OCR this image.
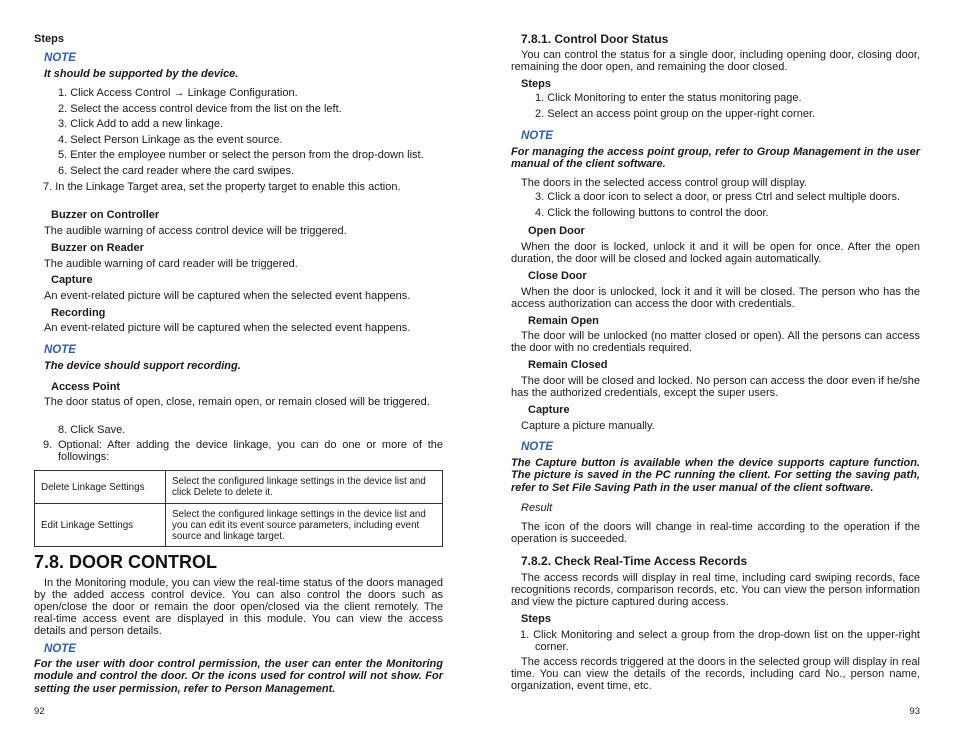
Steps
NOTE
It should be supported by the device.
1. Click Access Control → Linkage Configuration.
2. Select the access control device from the list on the left.
3. Click Add to add a new linkage.
4. Select Person Linkage as the event source.
5. Enter the employee number or select the person from the drop-down list.
6. Select the card reader where the card swipes.
7. In the Linkage Target area, set the property target to enable this action.
Buzzer on Controller
The audible warning of access control device will be triggered.
Buzzer on Reader
The audible warning of card reader will be triggered.
Capture
An event-related picture will be captured when the selected event happens.
Recording
An event-related picture will be captured when the selected event happens.
NOTE
The device should support recording.
Access Point
The door status of open, close, remain open, or remain closed will be triggered.
8. Click Save.
9. Optional: After adding the device linkage, you can do one or more of the followings:
Delete Linkage Settings	Select the configured linkage settings in the device list and click Delete to delete it.
Edit Linkage Settings	Select the configured linkage settings in the device list and you can edit its event source parameters, including event source and linkage target.
7.8. DOOR CONTROL
In the Monitoring module, you can view the real-time status of the doors managed by the added access control device. You can also control the doors such as open/close the door or remain the door open/closed via the client remotely. The real-time access event are displayed in this module. You can view the access details and person details.
NOTE
For the user with door control permission, the user can enter the Monitoring module and control the door. Or the icons used for control will not show. For setting the user permission, refer to Person Management.
92
7.8.1. Control Door Status
You can control the status for a single door, including opening door, closing door, remaining the door open, and remaining the door closed.
Steps
1. Click Monitoring to enter the status monitoring page.
2. Select an access point group on the upper-right corner.
NOTE
For managing the access point group, refer to Group Management in the user manual of the client software.
The doors in the selected access control group will display.
3. Click a door icon to select a door, or press Ctrl and select multiple doors.
4. Click the following buttons to control the door.
Open Door
When the door is locked, unlock it and it will be open for once. After the open duration, the door will be closed and locked again automatically.
Close Door
When the door is unlocked, lock it and it will be closed. The person who has the access authorization can access the door with credentials.
Remain Open
The door will be unlocked (no matter closed or open). All the persons can access the door with no credentials required.
Remain Closed
The door will be closed and locked. No person can access the door even if he/she has the authorized credentials, except the super users.
Capture
Capture a picture manually.
NOTE
The Capture button is available when the device supports capture function. The picture is saved in the PC running the client. For setting the saving path, refer to Set File Saving Path in the user manual of the client software.
Result
The icon of the doors will change in real-time according to the operation if the operation is succeeded.
7.8.2. Check Real-Time Access Records
The access records will display in real time, including card swiping records, face recognitions records, comparison records, etc. You can view the person information and view the picture captured during access.
Steps
1. Click Monitoring and select a group from the drop-down list on the upper-right corner.
The access records triggered at the doors in the selected group will display in real time. You can view the details of the records, including card No., person name, organization, event time, etc.
93
